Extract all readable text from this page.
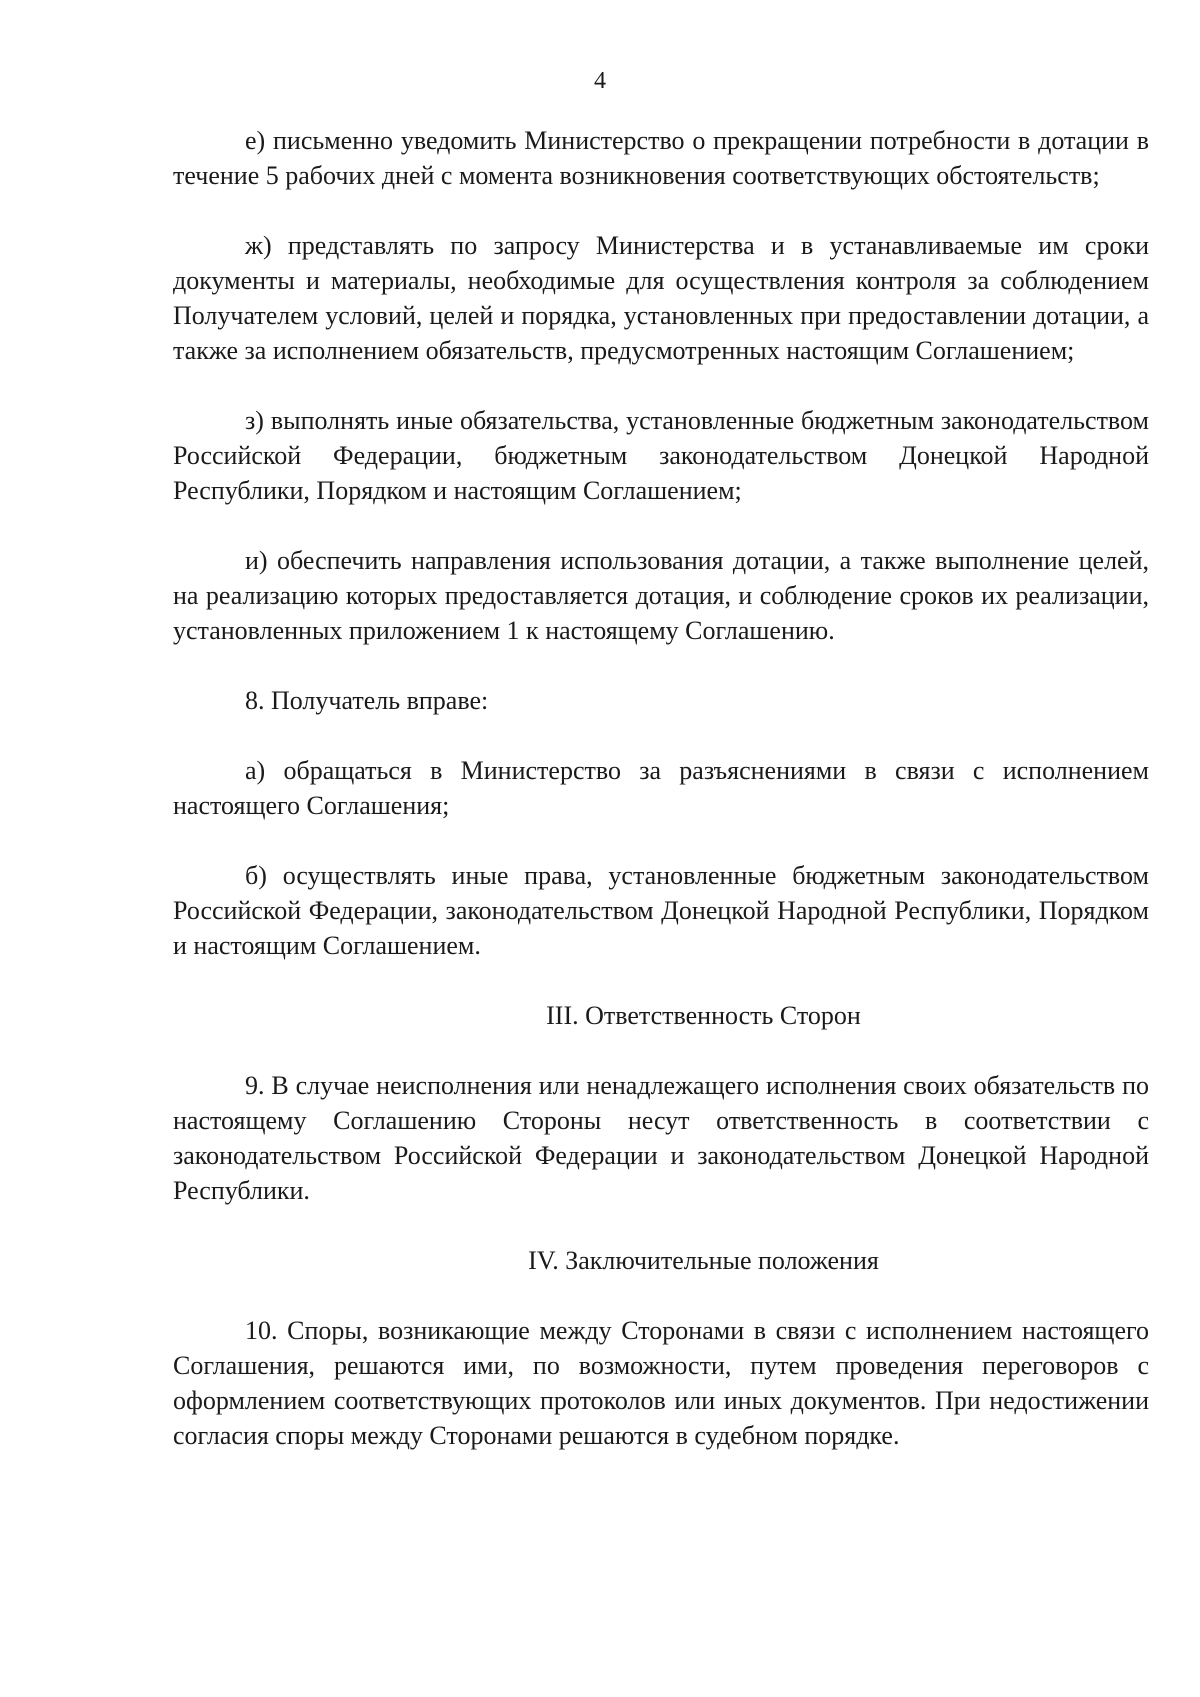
4

е) письменно уведомить Министерство о прекращении потребности в дотации в течение 5 рабочих дней с момента возникновения соответствующих обстоятельств;

ж) представлять по запросу Министерства и в устанавливаемые им сроки документы и материалы, необходимые для осуществления контроля за соблюдением Получателем условий, целей и порядка, установленных при предоставлении дотации, а также за исполнением обязательств, предусмотренных настоящим Соглашением;

з) выполнять иные обязательства, установленные бюджетным законодательством Российской Федерации, бюджетным законодательством Донецкой Народной Республики, Порядком и настоящим Соглашением;

и) обеспечить направления использования дотации, а также выполнение целей, на реализацию которых предоставляется дотация, и соблюдение сроков их реализации, установленных приложением 1 к настоящему Соглашению.

8. Получатель вправе:

а) обращаться в Министерство за разъяснениями в связи с исполнением настоящего Соглашения;

б) осуществлять иные права, установленные бюджетным законодательством Российской Федерации, законодательством Донецкой Народной Республики, Порядком и настоящим Соглашением.

III. Ответственность Сторон

9. В случае неисполнения или ненадлежащего исполнения своих обязательств по настоящему Соглашению Стороны несут ответственность в соответствии с законодательством Российской Федерации и законодательством Донецкой Народной Республики.

IV. Заключительные положения

10. Споры, возникающие между Сторонами в связи с исполнением настоящего Соглашения, решаются ими, по возможности, путем проведения переговоров с оформлением соответствующих протоколов или иных документов. При недостижении согласия споры между Сторонами решаются в судебном порядке.
